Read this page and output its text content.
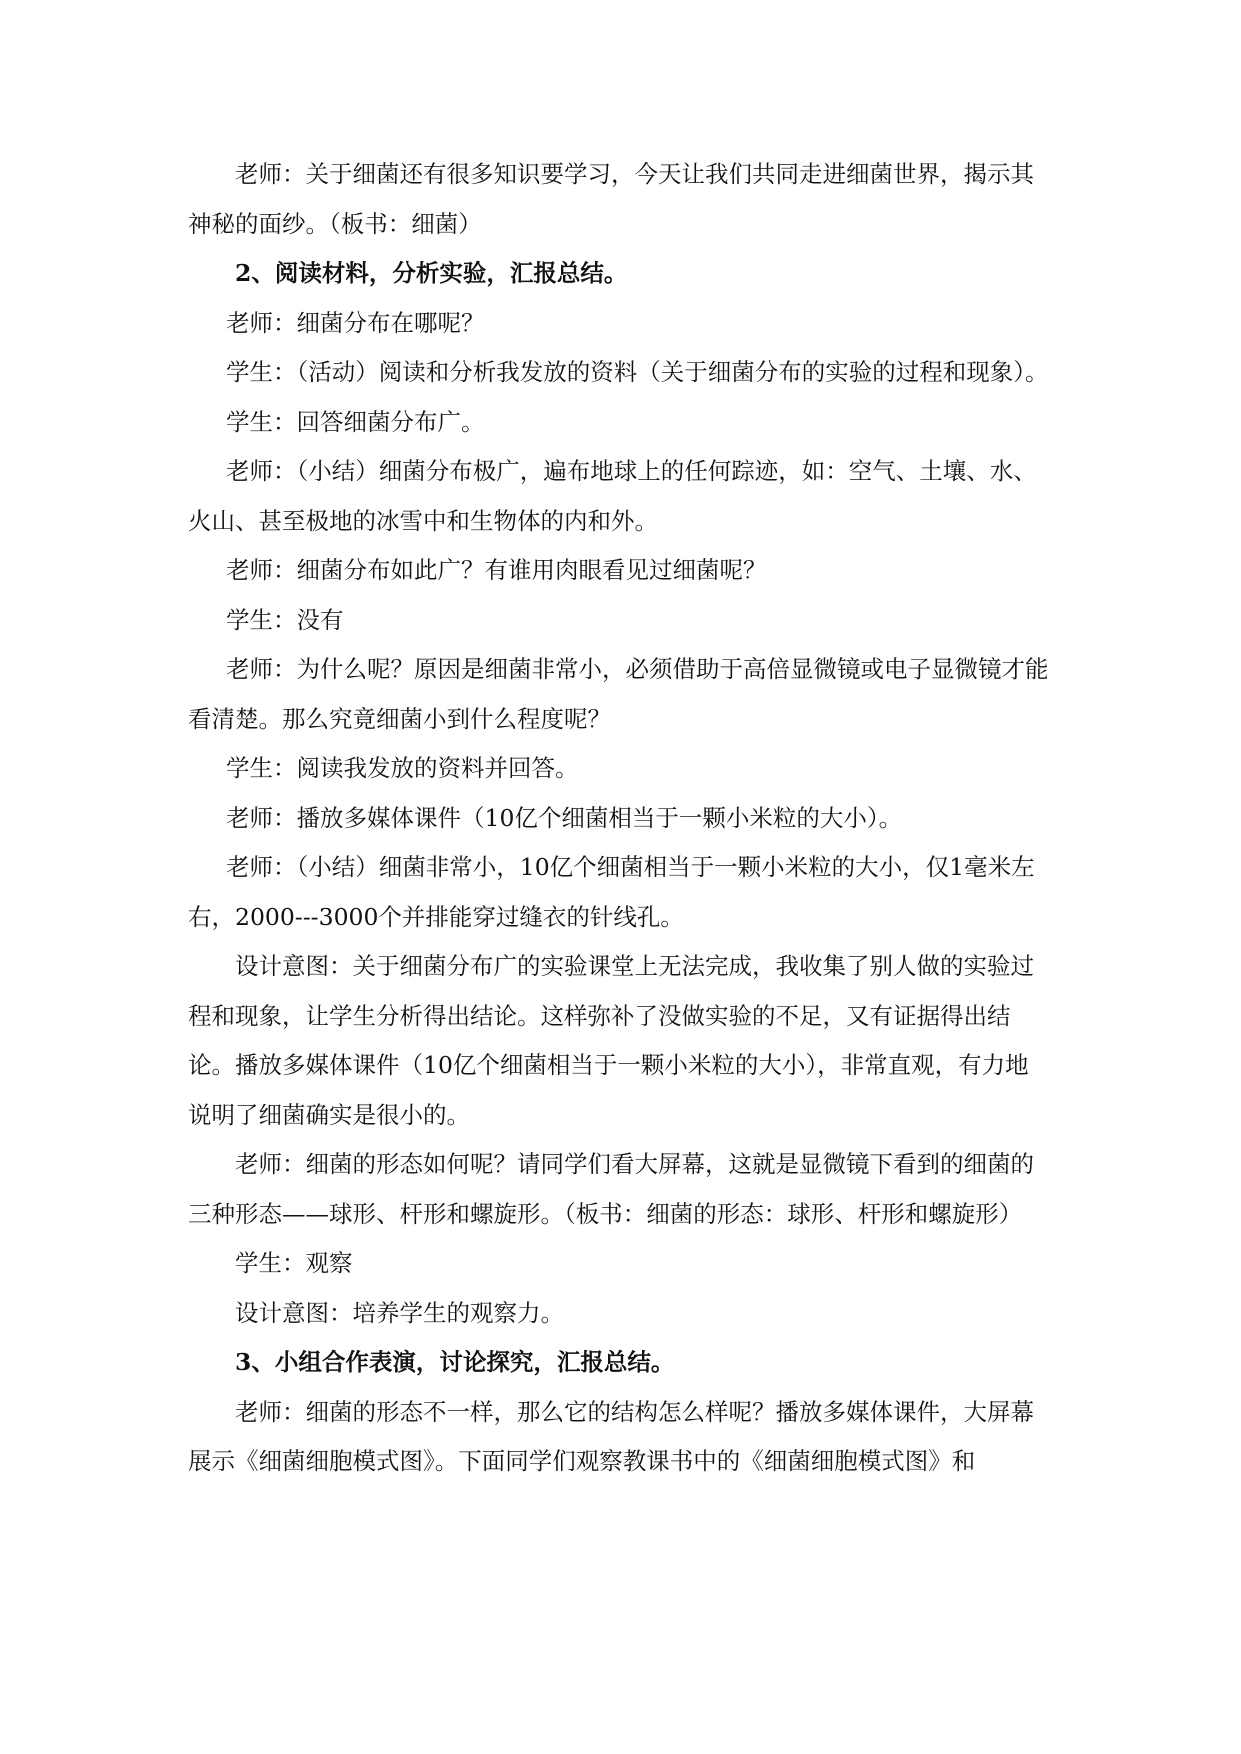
老师：关于细菌还有很多知识要学习，今天让我们共同走进细菌世界，揭示其神秘的面纱。（板书：细菌）

2、阅读材料，分析实验，汇报总结。

老师：细菌分布在哪呢？

学生：（活动）阅读和分析我发放的资料（关于细菌分布的实验的过程和现象）。

学生：回答细菌分布广。

老师：（小结）细菌分布极广，遍布地球上的任何踪迹，如：空气、土壤、水、火山、甚至极地的冰雪中和生物体的内和外。

老师：细菌分布如此广？有谁用肉眼看见过细菌呢？

学生：没有

老师：为什么呢？原因是细菌非常小，必须借助于高倍显微镜或电子显微镜才能看清楚。那么究竟细菌小到什么程度呢？

学生：阅读我发放的资料并回答。

老师：播放多媒体课件（10亿个细菌相当于一颗小米粒的大小）。

老师：（小结）细菌非常小，10亿个细菌相当于一颗小米粒的大小，仅1毫米左右，2000---3000个并排能穿过缝衣的针线孔。

设计意图：关于细菌分布广的实验课堂上无法完成，我收集了别人做的实验过程和现象，让学生分析得出结论。这样弥补了没做实验的不足，又有证据得出结论。播放多媒体课件（10亿个细菌相当于一颗小米粒的大小），非常直观，有力地说明了细菌确实是很小的。

老师：细菌的形态如何呢？请同学们看大屏幕，这就是显微镜下看到的细菌的三种形态——球形、杆形和螺旋形。（板书：细菌的形态：球形、杆形和螺旋形）

学生：观察

设计意图：培养学生的观察力。

3、小组合作表演，讨论探究，汇报总结。

老师：细菌的形态不一样，那么它的结构怎么样呢？播放多媒体课件，大屏幕展示《细菌细胞模式图》。下面同学们观察教课书中的《细菌细胞模式图》和
